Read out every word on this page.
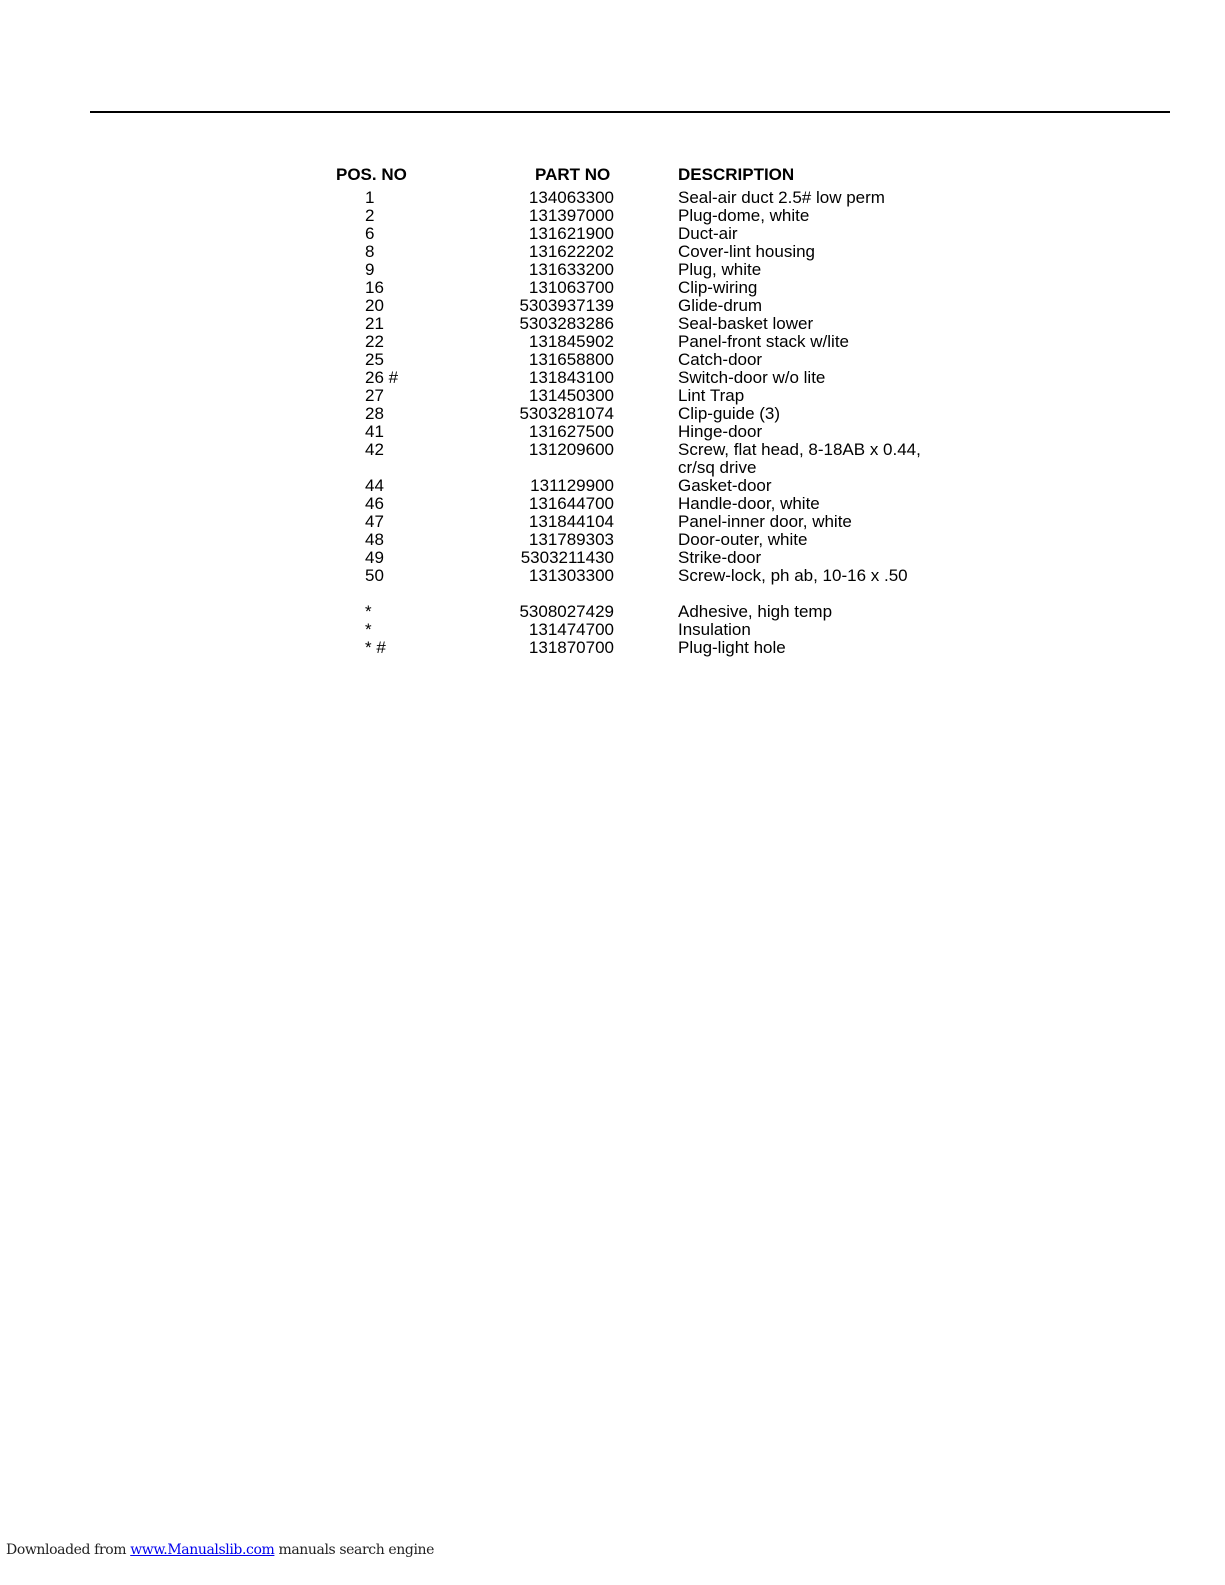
POS. NO	PART NO	DESCRIPTION
1	134063300	Seal-air duct 2.5# low perm
2	131397000	Plug-dome, white
6	131621900	Duct-air
8	131622202	Cover-lint housing
9	131633200	Plug, white
16	131063700	Clip-wiring
20	5303937139	Glide-drum
21	5303283286	Seal-basket lower
22	131845902	Panel-front stack w/lite
25	131658800	Catch-door
26 #	131843100	Switch-door w/o lite
27	131450300	Lint Trap
28	5303281074	Clip-guide (3)
41	131627500	Hinge-door
42	131209600	Screw, flat head, 8-18AB x 0.44, cr/sq drive
44	131129900	Gasket-door
46	131644700	Handle-door, white
47	131844104	Panel-inner door, white
48	131789303	Door-outer, white
49	5303211430	Strike-door
50	131303300	Screw-lock, ph ab, 10-16 x .50
*	5308027429	Adhesive, high temp
*	131474700	Insulation
* #	131870700	Plug-light hole
Downloaded from www.Manualslib.com manuals search engine
